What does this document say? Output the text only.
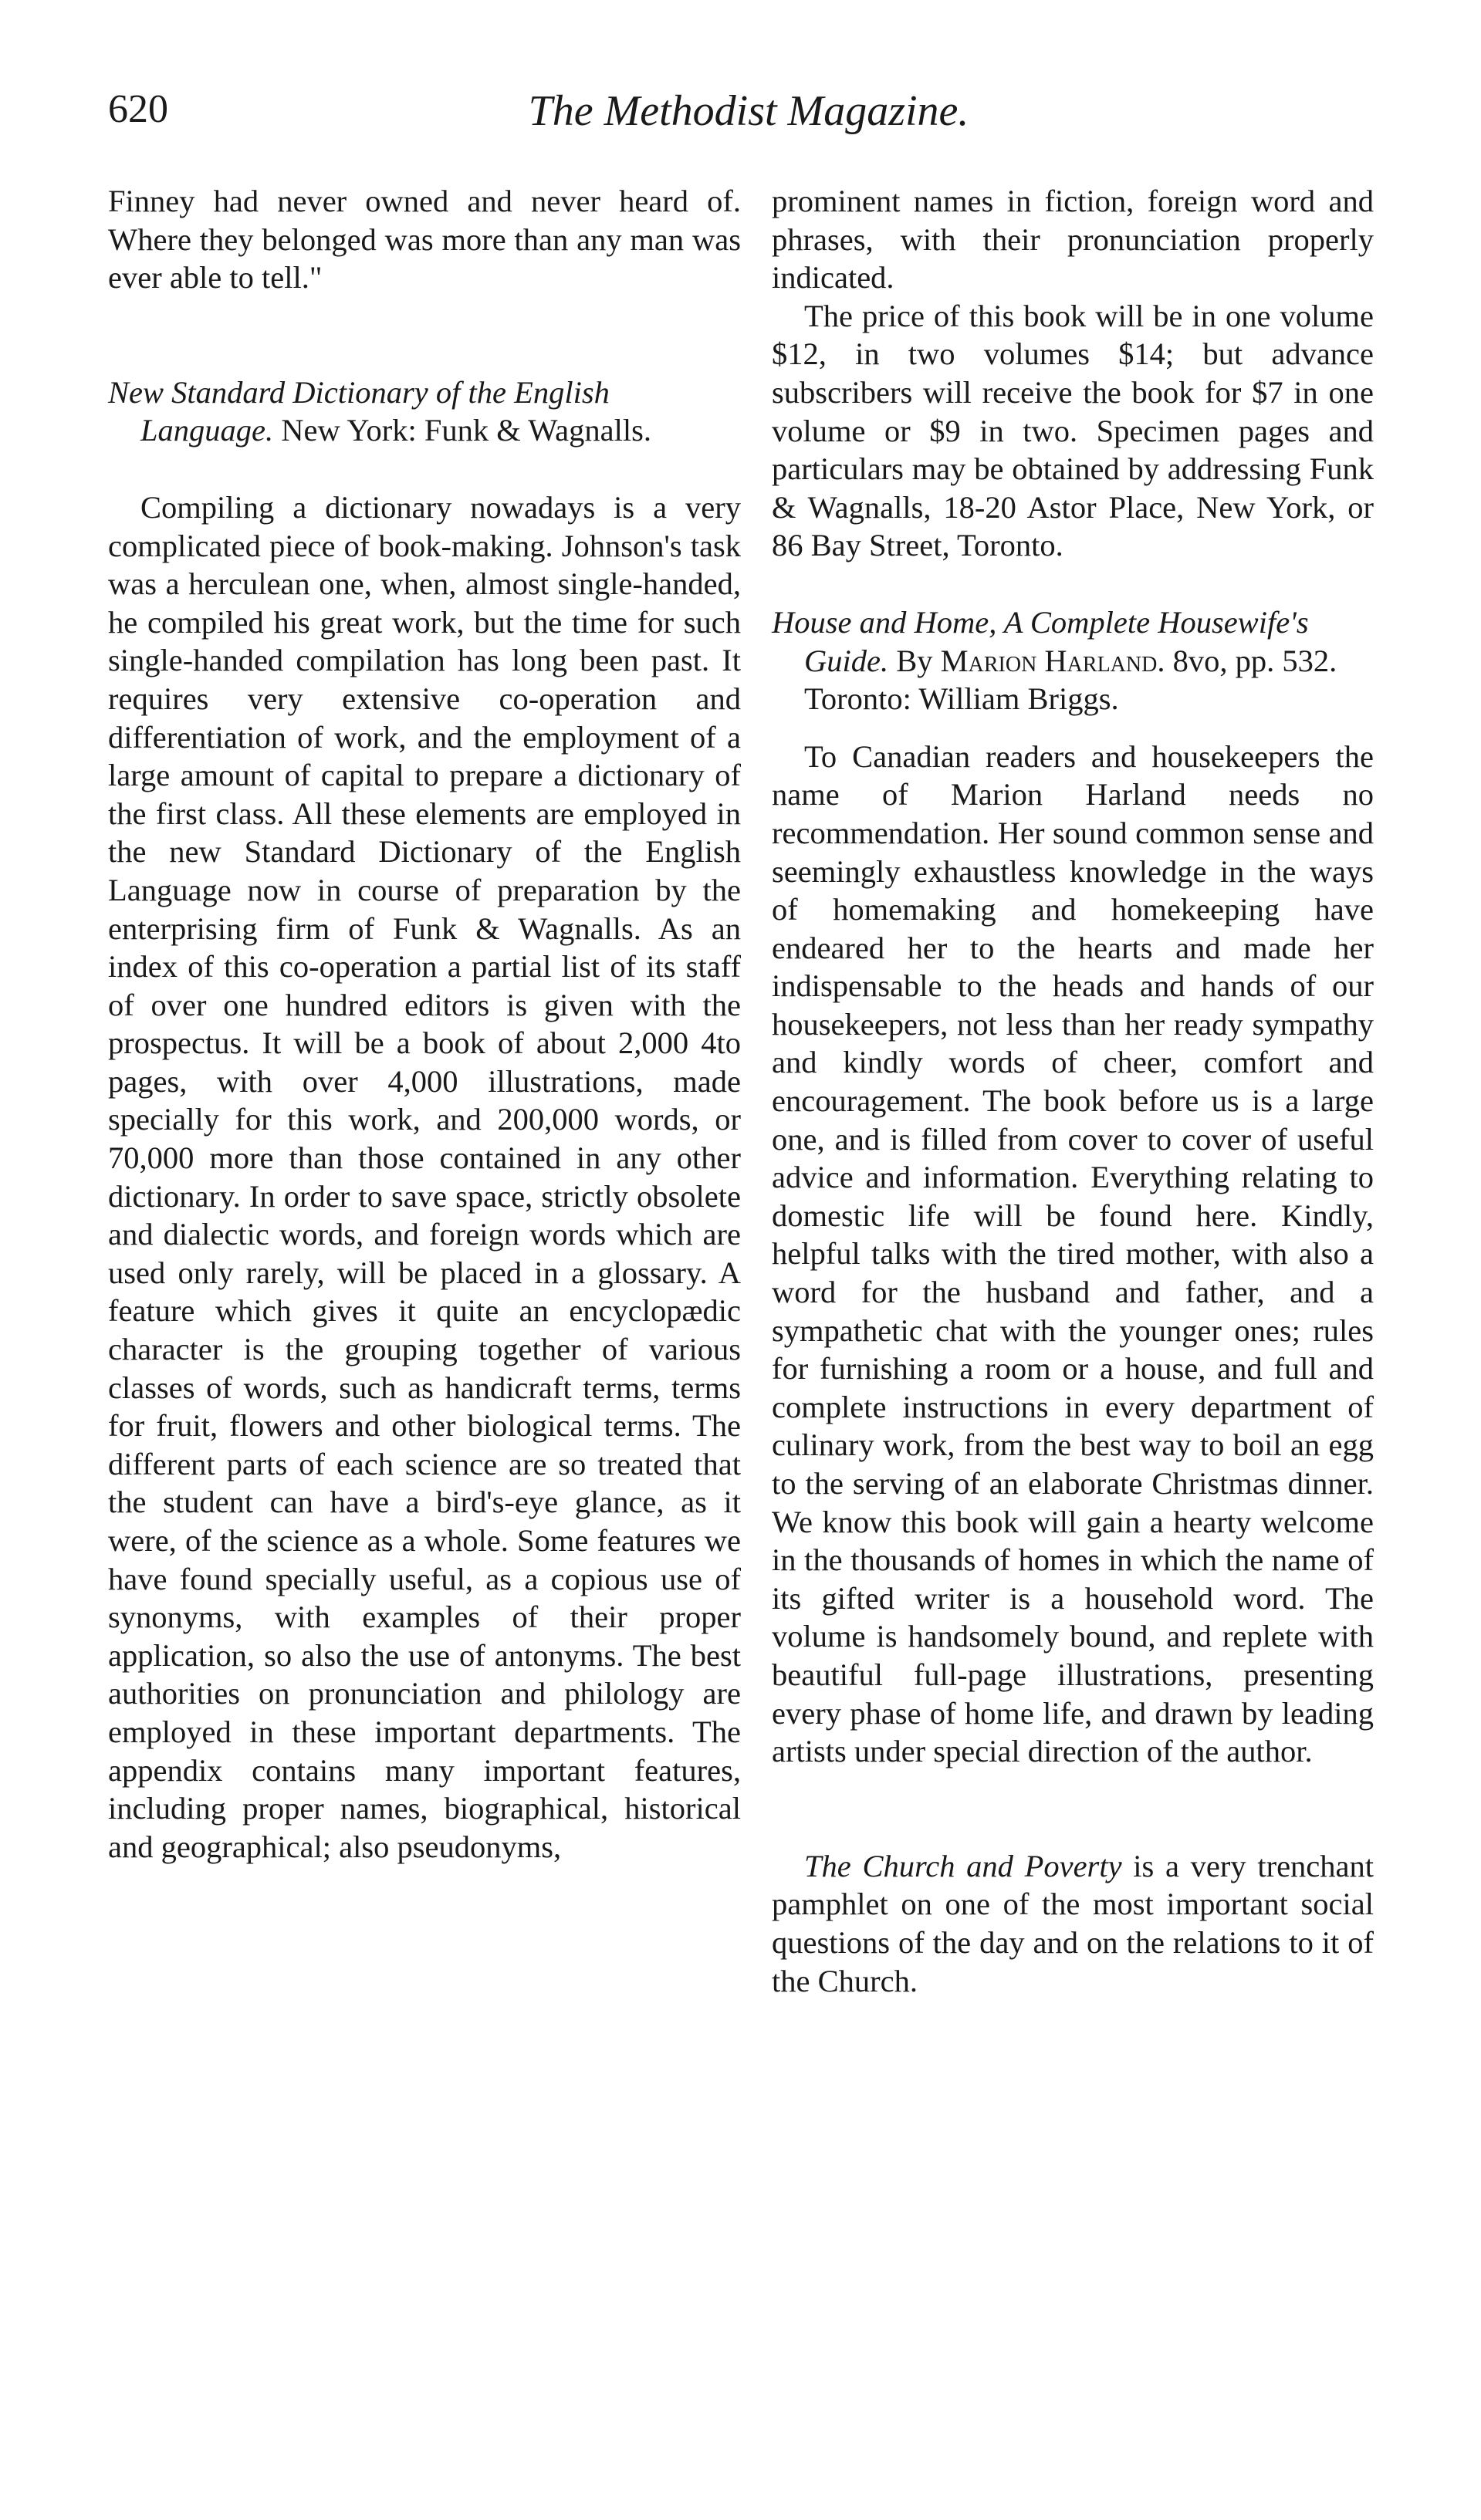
620	The Methodist Magazine.

Finney had never owned and never heard of. Where they belonged was more than any man was ever able to tell."

New Standard Dictionary of the English Language. New York: Funk & Wagnalls.

Compiling a dictionary nowadays is a very complicated piece of book-making. Johnson's task was a herculean one, when, almost single-handed, he compiled his great work, but the time for such single-handed compilation has long been past. It requires very extensive co-operation and differentiation of work, and the employment of a large amount of capital to prepare a dictionary of the first class. All these elements are employed in the new Standard Dictionary of the English Language now in course of preparation by the enterprising firm of Funk & Wagnalls. As an index of this co-operation a partial list of its staff of over one hundred editors is given with the prospectus. It will be a book of about 2,000 4to pages, with over 4,000 illustrations, made specially for this work, and 200,000 words, or 70,000 more than those contained in any other dictionary. In order to save space, strictly obsolete and dialectic words, and foreign words which are used only rarely, will be placed in a glossary. A feature which gives it quite an encyclopædic character is the grouping together of various classes of words, such as handicraft terms, terms for fruit, flowers and other biological terms. The different parts of each science are so treated that the student can have a bird's-eye glance, as it were, of the science as a whole. Some features we have found specially useful, as a copious use of synonyms, with examples of their proper application, so also the use of antonyms. The best authorities on pronunciation and philology are employed in these important departments. The appendix contains many important features, including proper names, biographical, historical and geographical; also pseudonyms,

prominent names in fiction, foreign word and phrases, with their pronunciation properly indicated.

The price of this book will be in one volume $12, in two volumes $14; but advance subscribers will receive the book for $7 in one volume or $9 in two. Specimen pages and particulars may be obtained by addressing Funk & Wagnalls, 18-20 Astor Place, New York, or 86 Bay Street, Toronto.

House and Home, A Complete Housewife's Guide. By Marion Harland. 8vo, pp. 532. Toronto: William Briggs.

To Canadian readers and housekeepers the name of Marion Harland needs no recommendation. Her sound common sense and seemingly exhaustless knowledge in the ways of homemaking and homekeeping have endeared her to the hearts and made her indispensable to the heads and hands of our housekeepers, not less than her ready sympathy and kindly words of cheer, comfort and encouragement. The book before us is a large one, and is filled from cover to cover of useful advice and information. Everything relating to domestic life will be found here. Kindly, helpful talks with the tired mother, with also a word for the husband and father, and a sympathetic chat with the younger ones; rules for furnishing a room or a house, and full and complete instructions in every department of culinary work, from the best way to boil an egg to the serving of an elaborate Christmas dinner. We know this book will gain a hearty welcome in the thousands of homes in which the name of its gifted writer is a household word. The volume is handsomely bound, and replete with beautiful full-page illustrations, presenting every phase of home life, and drawn by leading artists under special direction of the author.

The Church and Poverty is a very trenchant pamphlet on one of the most important social questions of the day and on the relations to it of the Church.
